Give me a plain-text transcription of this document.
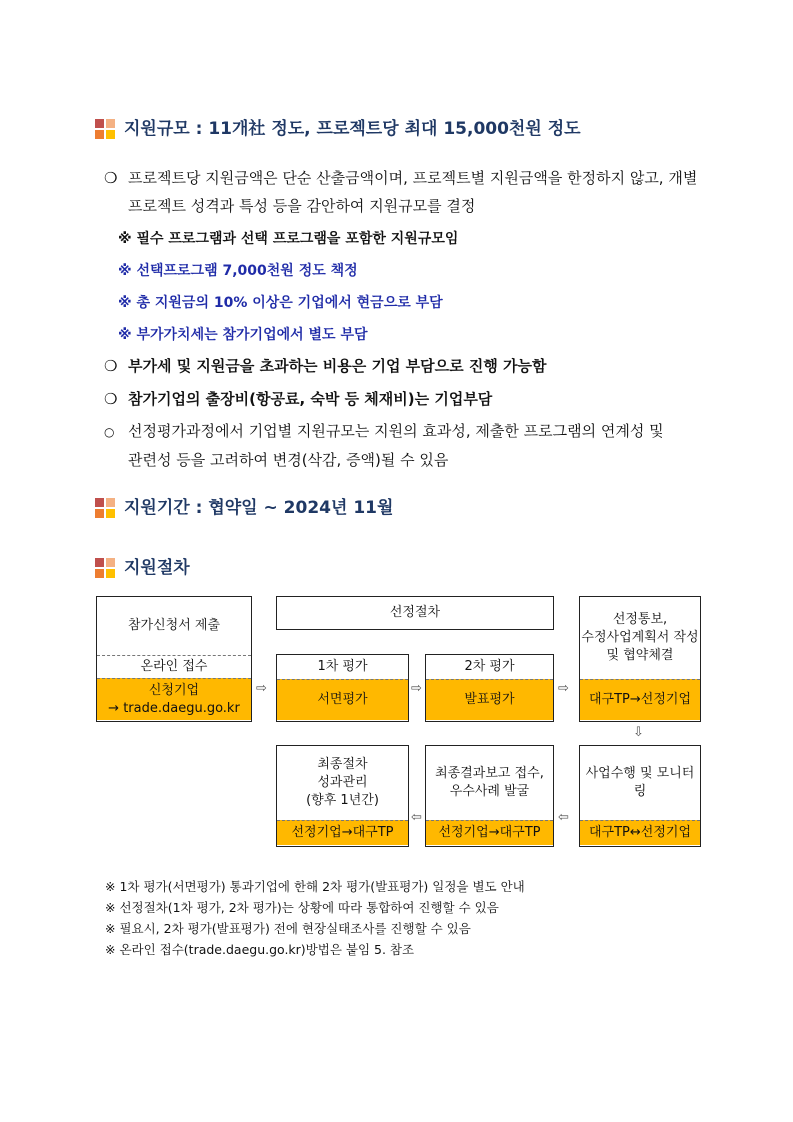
지원규모 : 11개社 정도, 프로젝트당 최대 15,000천원 정도
❍ 프로젝트당 지원금액은 단순 산출금액이며, 프로젝트별 지원금액을 한정하지 않고, 개별
프로젝트 성격과 특성 등을 감안하여 지원규모를 결정
※ 필수 프로그램과 선택 프로그램을 포함한 지원규모임
※ 선택프로그램 7,000천원 정도 책정
※ 총 지원금의 10% 이상은 기업에서 현금으로 부담
※ 부가가치세는 참가기업에서 별도 부담
❍ 부가세 및 지원금을 초과하는 비용은 기업 부담으로 진행 가능함
❍ 참가기업의 출장비(항공료, 숙박 등 체재비)는 기업부담
○ 선정평가과정에서 기업별 지원규모는 지원의 효과성, 제출한 프로그램의 연계성 및
관련성 등을 고려하여 변경(삭감, 증액)될 수 있음
지원기간 : 협약일 ~ 2024년 11월
지원절차
참가신청서 제출
온라인 접수
신청기업
→ trade.daegu.go.kr
⇨
선정절차
1차 평가
서면평가
⇨
2차 평가
발표평가
⇨
선정통보,
수정사업계획서 작성
및 협약체결
대구TP→선정기업
⇩
사업수행 및 모니터링
대구TP↔선정기업
⇦
최종결과보고 접수,
우수사례 발굴
선정기업→대구TP
⇦
최종절차
성과관리
(향후 1년간)
선정기업→대구TP
※ 1차 평가(서면평가) 통과기업에 한해 2차 평가(발표평가) 일정을 별도 안내
※ 선정절차(1차 평가, 2차 평가)는 상황에 따라 통합하여 진행할 수 있음
※ 필요시, 2차 평가(발표평가) 전에 현장실태조사를 진행할 수 있음
※ 온라인 접수(trade.daegu.go.kr)방법은 붙임 5. 참조
